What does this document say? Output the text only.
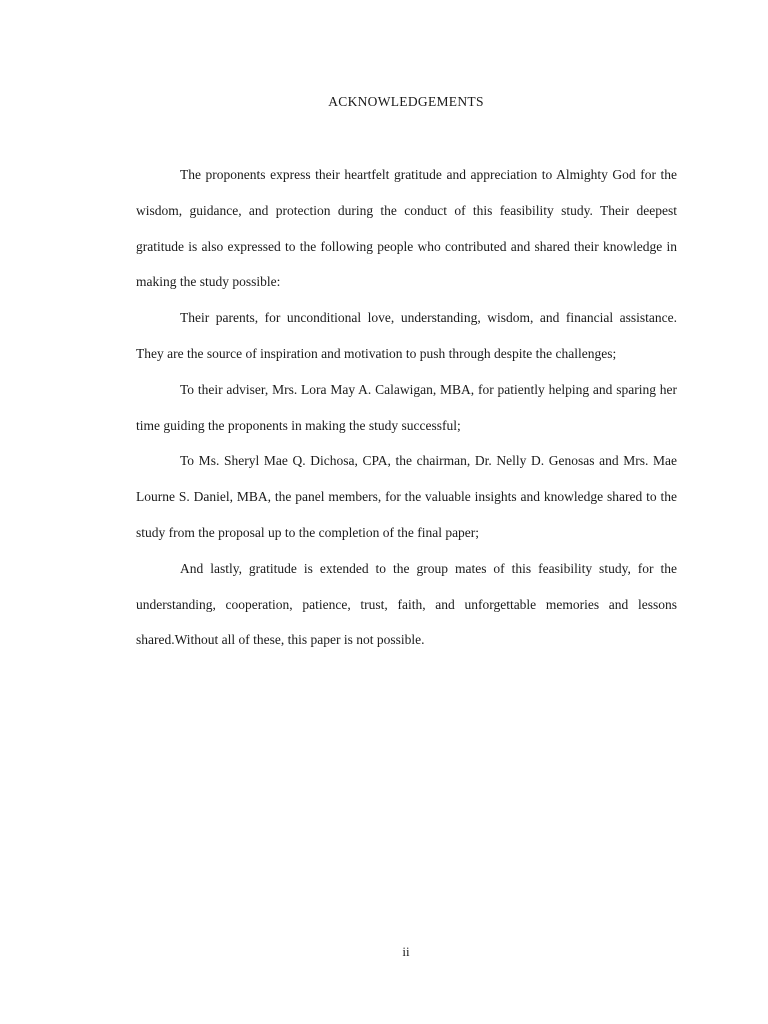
ACKNOWLEDGEMENTS

The proponents express their heartfelt gratitude and appreciation to Almighty God for the wisdom, guidance, and protection during the conduct of this feasibility study. Their deepest gratitude is also expressed to the following people who contributed and shared their knowledge in making the study possible:

Their parents, for unconditional love, understanding, wisdom, and financial assistance. They are the source of inspiration and motivation to push through despite the challenges;

To their adviser, Mrs. Lora May A. Calawigan, MBA, for patiently helping and sparing her time guiding the proponents in making the study successful;

To Ms. Sheryl Mae Q. Dichosa, CPA, the chairman, Dr. Nelly D. Genosas and Mrs. Mae Lourne S. Daniel, MBA, the panel members, for the valuable insights and knowledge shared to the study from the proposal up to the completion of the final paper;

And lastly, gratitude is extended to the group mates of this feasibility study, for the understanding, cooperation, patience, trust, faith, and unforgettable memories and lessons shared.Without all of these, this paper is not possible.

ii
